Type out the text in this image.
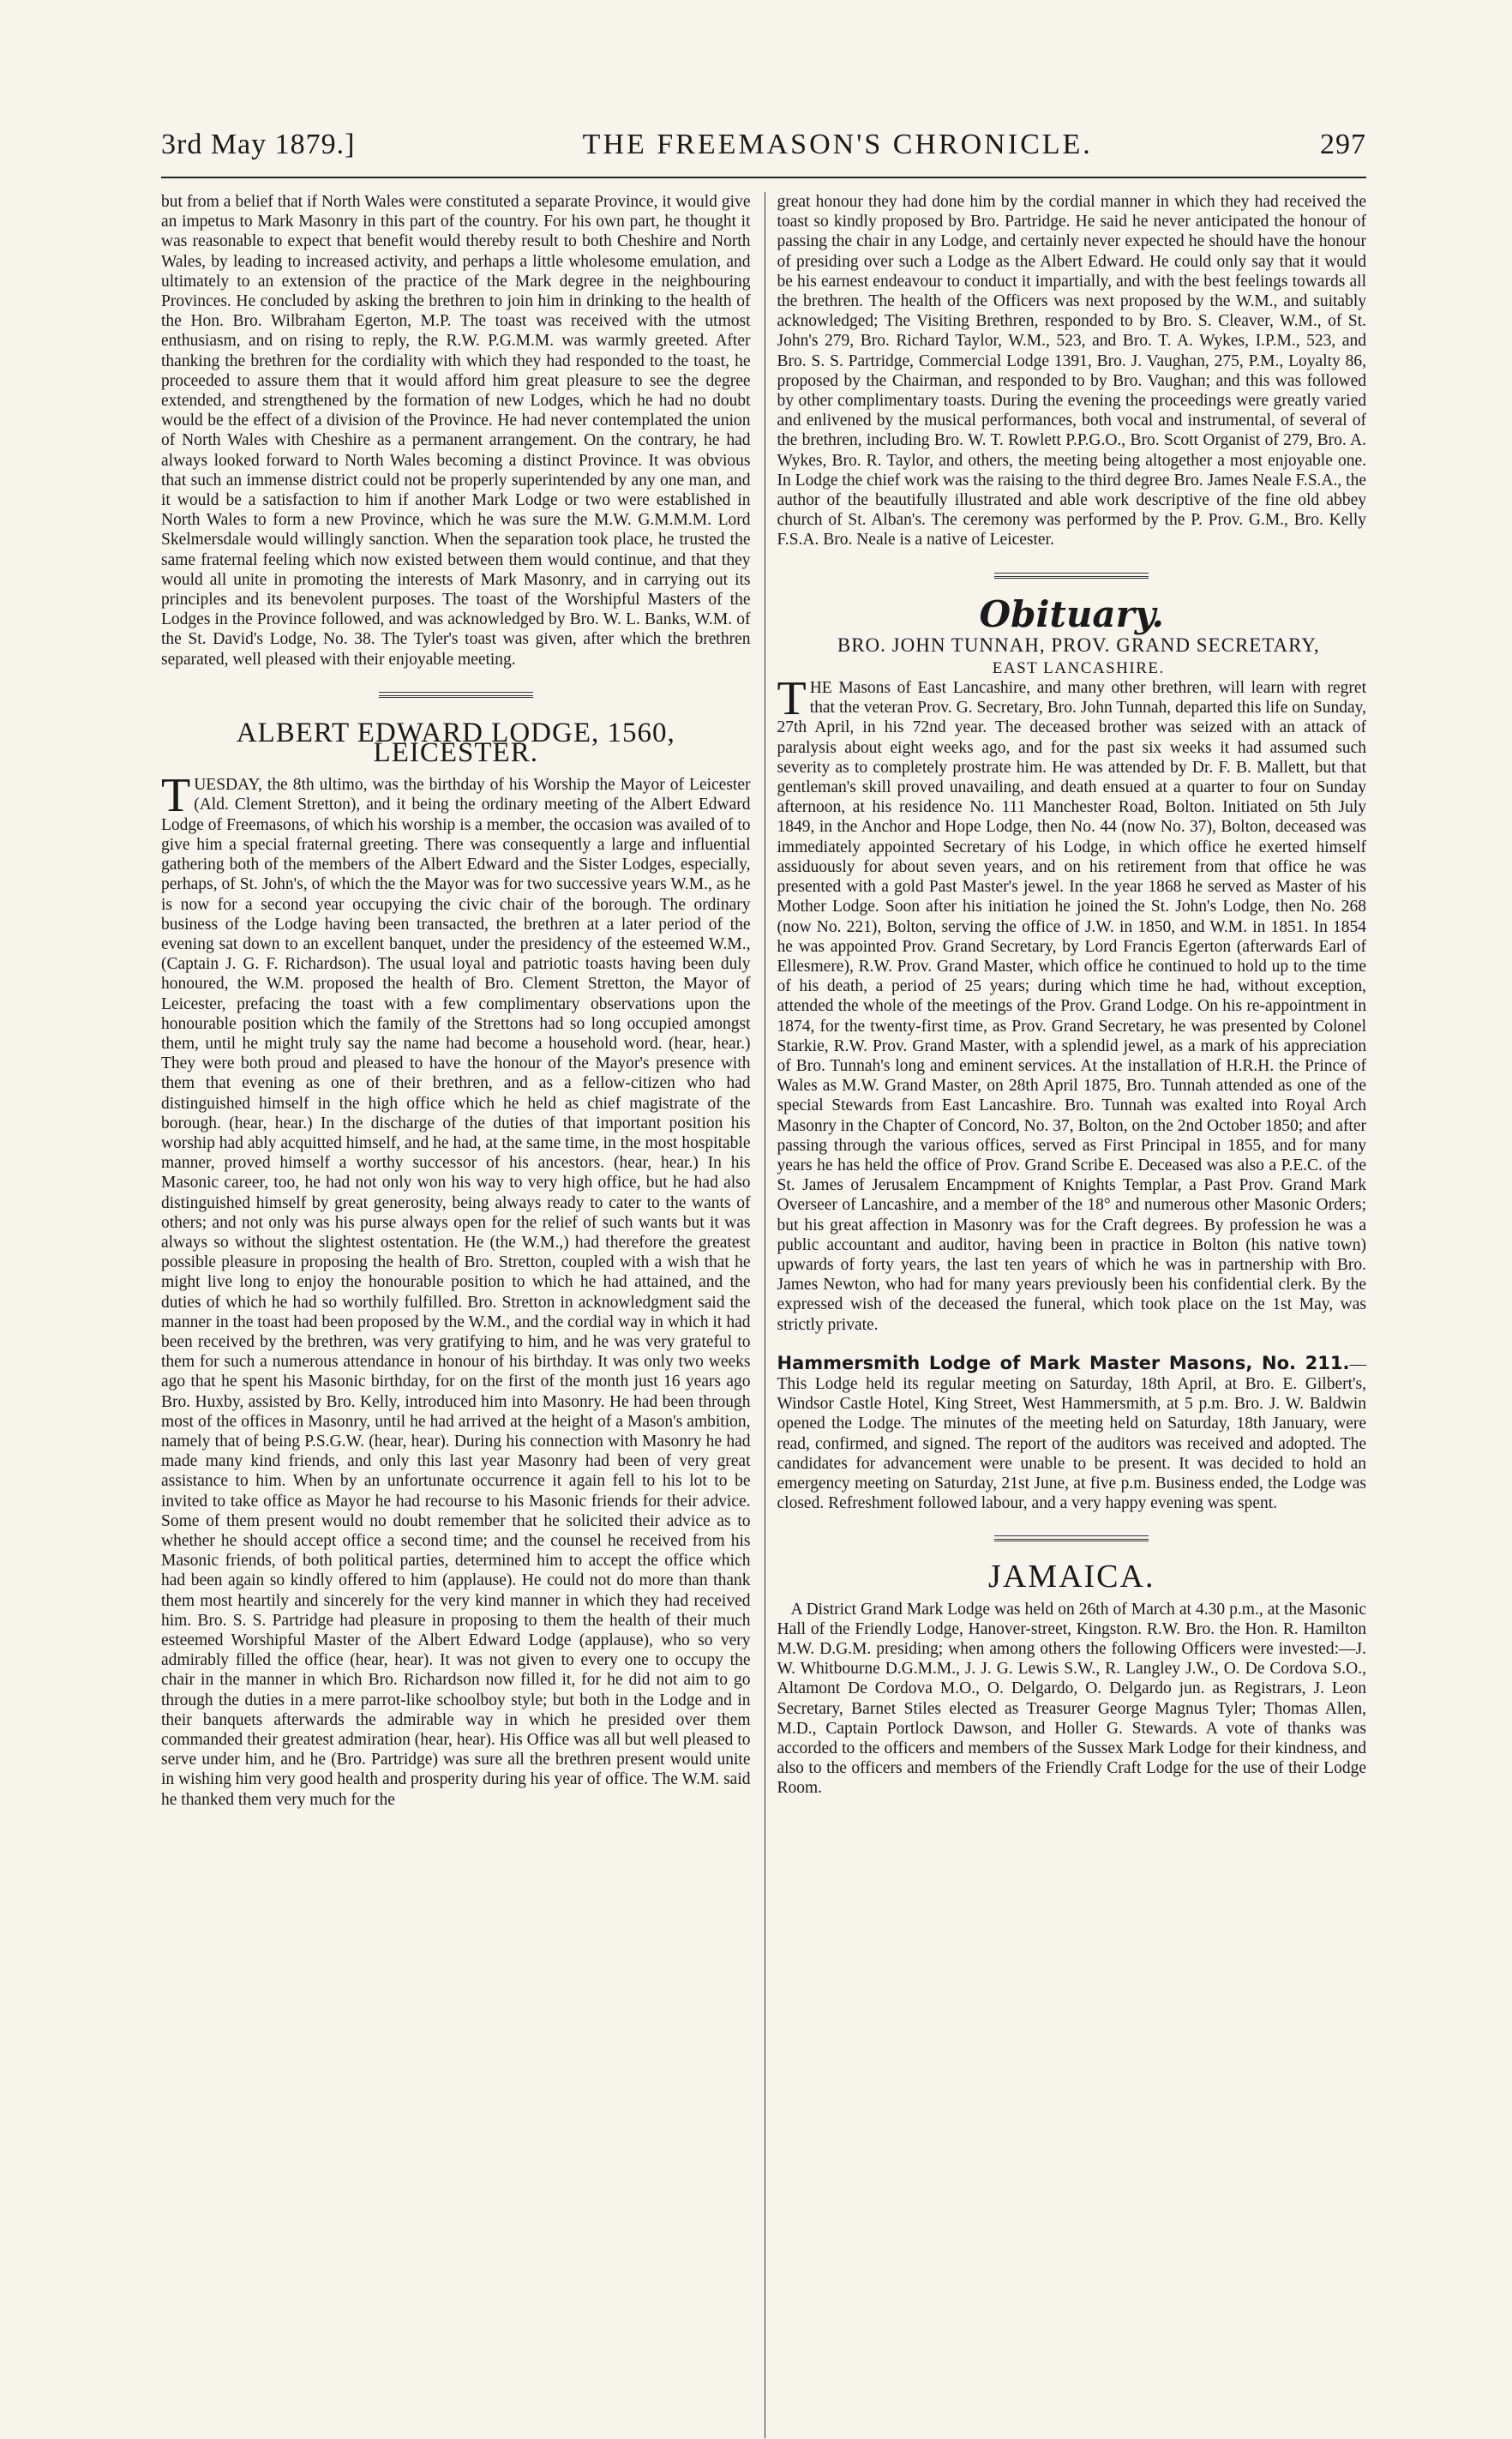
3rd May 1879.]	THE FREEMASON'S CHRONICLE.	297

but from a belief that if North Wales were constituted a separate Province, it would give an impetus to Mark Masonry in this part of the country. For his own part, he thought it was reasonable to expect that benefit would thereby result to both Cheshire and North Wales, by leading to increased activity, and perhaps a little wholesome emulation, and ultimately to an extension of the practice of the Mark degree in the neighbouring Provinces. He concluded by asking the brethren to join him in drinking to the health of the Hon. Bro. Wilbraham Egerton, M.P. The toast was received with the utmost enthusiasm, and on rising to reply, the R.W. P.G.M.M. was warmly greeted. After thanking the brethren for the cordiality with which they had responded to the toast, he proceeded to assure them that it would afford him great pleasure to see the degree extended, and strengthened by the formation of new Lodges, which he had no doubt would be the effect of a division of the Province. He had never contemplated the union of North Wales with Cheshire as a permanent arrangement. On the contrary, he had always looked forward to North Wales becoming a distinct Province. It was obvious that such an immense district could not be properly superintended by any one man, and it would be a satisfaction to him if another Mark Lodge or two were established in North Wales to form a new Province, which he was sure the M.W. G.M.M.M. Lord Skelmersdale would willingly sanction. When the separation took place, he trusted the same fraternal feeling which now existed between them would continue, and that they would all unite in promoting the interests of Mark Masonry, and in carrying out its principles and its benevolent purposes. The toast of the Worshipful Masters of the Lodges in the Province followed, and was acknowledged by Bro. W. L. Banks, W.M. of the St. David's Lodge, No. 38. The Tyler's toast was given, after which the brethren separated, well pleased with their enjoyable meeting.

ALBERT EDWARD LODGE, 1560, LEICESTER.

TUESDAY, the 8th ultimo, was the birthday of his Worship the Mayor of Leicester (Ald. Clement Stretton), and it being the ordinary meeting of the Albert Edward Lodge of Freemasons, of which his worship is a member, the occasion was availed of to give him a special fraternal greeting. There was consequently a large and influential gathering both of the members of the Albert Edward and the Sister Lodges, especially, perhaps, of St. John's, of which the the Mayor was for two successive years W.M., as he is now for a second year occupying the civic chair of the borough. The ordinary business of the Lodge having been transacted, the brethren at a later period of the evening sat down to an excellent banquet, under the presidency of the esteemed W.M., (Captain J. G. F. Richardson). The usual loyal and patriotic toasts having been duly honoured, the W.M. proposed the health of Bro. Clement Stretton, the Mayor of Leicester, prefacing the toast with a few complimentary observations upon the honourable position which the family of the Strettons had so long occupied amongst them, until he might truly say the name had become a household word. (hear, hear.) They were both proud and pleased to have the honour of the Mayor's presence with them that evening as one of their brethren, and as a fellow-citizen who had distinguished himself in the high office which he held as chief magistrate of the borough. (hear, hear.) In the discharge of the duties of that important position his worship had ably acquitted himself, and he had, at the same time, in the most hospitable manner, proved himself a worthy successor of his ancestors. (hear, hear.) In his Masonic career, too, he had not only won his way to very high office, but he had also distinguished himself by great generosity, being always ready to cater to the wants of others; and not only was his purse always open for the relief of such wants but it was always so without the slightest ostentation. He (the W.M.,) had therefore the greatest possible pleasure in proposing the health of Bro. Stretton, coupled with a wish that he might live long to enjoy the honourable position to which he had attained, and the duties of which he had so worthily fulfilled. Bro. Stretton in acknowledgment said the manner in the toast had been proposed by the W.M., and the cordial way in which it had been received by the brethren, was very gratifying to him, and he was very grateful to them for such a numerous attendance in honour of his birthday. It was only two weeks ago that he spent his Masonic birthday, for on the first of the month just 16 years ago Bro. Huxby, assisted by Bro. Kelly, introduced him into Masonry. He had been through most of the offices in Masonry, until he had arrived at the height of a Mason's ambition, namely that of being P.S.G.W. (hear, hear). During his connection with Masonry he had made many kind friends, and only this last year Masonry had been of very great assistance to him. When by an unfortunate occurrence it again fell to his lot to be invited to take office as Mayor he had recourse to his Masonic friends for their advice. Some of them present would no doubt remember that he solicited their advice as to whether he should accept office a second time; and the counsel he received from his Masonic friends, of both political parties, determined him to accept the office which had been again so kindly offered to him (applause). He could not do more than thank them most heartily and sincerely for the very kind manner in which they had received him. Bro. S. S. Partridge had pleasure in proposing to them the health of their much esteemed Worshipful Master of the Albert Edward Lodge (applause), who so very admirably filled the office (hear, hear). It was not given to every one to occupy the chair in the manner in which Bro. Richardson now filled it, for he did not aim to go through the duties in a mere parrot-like schoolboy style; but both in the Lodge and in their banquets afterwards the admirable way in which he presided over them commanded their greatest admiration (hear, hear). His Office was all but well pleased to serve under him, and he (Bro. Partridge) was sure all the brethren present would unite in wishing him very good health and prosperity during his year of office. The W.M. said he thanked them very much for the

great honour they had done him by the cordial manner in which they had received the toast so kindly proposed by Bro. Partridge. He said he never anticipated the honour of passing the chair in any Lodge, and certainly never expected he should have the honour of presiding over such a Lodge as the Albert Edward. He could only say that it would be his earnest endeavour to conduct it impartially, and with the best feelings towards all the brethren. The health of the Officers was next proposed by the W.M., and suitably acknowledged; The Visiting Brethren, responded to by Bro. S. Cleaver, W.M., of St. John's 279, Bro. Richard Taylor, W.M., 523, and Bro. T. A. Wykes, I.P.M., 523, and Bro. S. S. Partridge, Commercial Lodge 1391, Bro. J. Vaughan, 275, P.M., Loyalty 86, proposed by the Chairman, and responded to by Bro. Vaughan; and this was followed by other complimentary toasts. During the evening the proceedings were greatly varied and enlivened by the musical performances, both vocal and instrumental, of several of the brethren, including Bro. W. T. Rowlett P.P.G.O., Bro. Scott Organist of 279, Bro. A. Wykes, Bro. R. Taylor, and others, the meeting being altogether a most enjoyable one. In Lodge the chief work was the raising to the third degree Bro. James Neale F.S.A., the author of the beautifully illustrated and able work descriptive of the fine old abbey church of St. Alban's. The ceremony was performed by the P. Prov. G.M., Bro. Kelly F.S.A. Bro. Neale is a native of Leicester.

Obituary.

BRO. JOHN TUNNAH, PROV. GRAND SECRETARY,

EAST LANCASHIRE.

THE Masons of East Lancashire, and many other brethren, will learn with regret that the veteran Prov. G. Secretary, Bro. John Tunnah, departed this life on Sunday, 27th April, in his 72nd year. The deceased brother was seized with an attack of paralysis about eight weeks ago, and for the past six weeks it had assumed such severity as to completely prostrate him. He was attended by Dr. F. B. Mallett, but that gentleman's skill proved unavailing, and death ensued at a quarter to four on Sunday afternoon, at his residence No. 111 Manchester Road, Bolton. Initiated on 5th July 1849, in the Anchor and Hope Lodge, then No. 44 (now No. 37), Bolton, deceased was immediately appointed Secretary of his Lodge, in which office he exerted himself assiduously for about seven years, and on his retirement from that office he was presented with a gold Past Master's jewel. In the year 1868 he served as Master of his Mother Lodge. Soon after his initiation he joined the St. John's Lodge, then No. 268 (now No. 221), Bolton, serving the office of J.W. in 1850, and W.M. in 1851. In 1854 he was appointed Prov. Grand Secretary, by Lord Francis Egerton (afterwards Earl of Ellesmere), R.W. Prov. Grand Master, which office he continued to hold up to the time of his death, a period of 25 years; during which time he had, without exception, attended the whole of the meetings of the Prov. Grand Lodge. On his re-appointment in 1874, for the twenty-first time, as Prov. Grand Secretary, he was presented by Colonel Starkie, R.W. Prov. Grand Master, with a splendid jewel, as a mark of his appreciation of Bro. Tunnah's long and eminent services. At the installation of H.R.H. the Prince of Wales as M.W. Grand Master, on 28th April 1875, Bro. Tunnah attended as one of the special Stewards from East Lancashire. Bro. Tunnah was exalted into Royal Arch Masonry in the Chapter of Concord, No. 37, Bolton, on the 2nd October 1850; and after passing through the various offices, served as First Principal in 1855, and for many years he has held the office of Prov. Grand Scribe E. Deceased was also a P.E.C. of the St. James of Jerusalem Encampment of Knights Templar, a Past Prov. Grand Mark Overseer of Lancashire, and a member of the 18° and numerous other Masonic Orders; but his great affection in Masonry was for the Craft degrees. By profession he was a public accountant and auditor, having been in practice in Bolton (his native town) upwards of forty years, the last ten years of which he was in partnership with Bro. James Newton, who had for many years previously been his confidential clerk. By the expressed wish of the deceased the funeral, which took place on the 1st May, was strictly private.

Hammersmith Lodge of Mark Master Masons, No. 211.—This Lodge held its regular meeting on Saturday, 18th April, at Bro. E. Gilbert's, Windsor Castle Hotel, King Street, West Hammersmith, at 5 p.m. Bro. J. W. Baldwin opened the Lodge. The minutes of the meeting held on Saturday, 18th January, were read, confirmed, and signed. The report of the auditors was received and adopted. The candidates for advancement were unable to be present. It was decided to hold an emergency meeting on Saturday, 21st June, at five p.m. Business ended, the Lodge was closed. Refreshment followed labour, and a very happy evening was spent.

JAMAICA.

A District Grand Mark Lodge was held on 26th of March at 4.30 p.m., at the Masonic Hall of the Friendly Lodge, Hanover-street, Kingston. R.W. Bro. the Hon. R. Hamilton M.W. D.G.M. presiding; when among others the following Officers were invested:—J. W. Whitbourne D.G.M.M., J. J. G. Lewis S.W., R. Langley J.W., O. De Cordova S.O., Altamont De Cordova M.O., O. Delgardo, O. Delgardo jun. as Registrars, J. Leon Secretary, Barnet Stiles elected as Treasurer George Magnus Tyler; Thomas Allen, M.D., Captain Portlock Dawson, and Holler G. Stewards. A vote of thanks was accorded to the officers and members of the Sussex Mark Lodge for their kindness, and also to the officers and members of the Friendly Craft Lodge for the use of their Lodge Room.
